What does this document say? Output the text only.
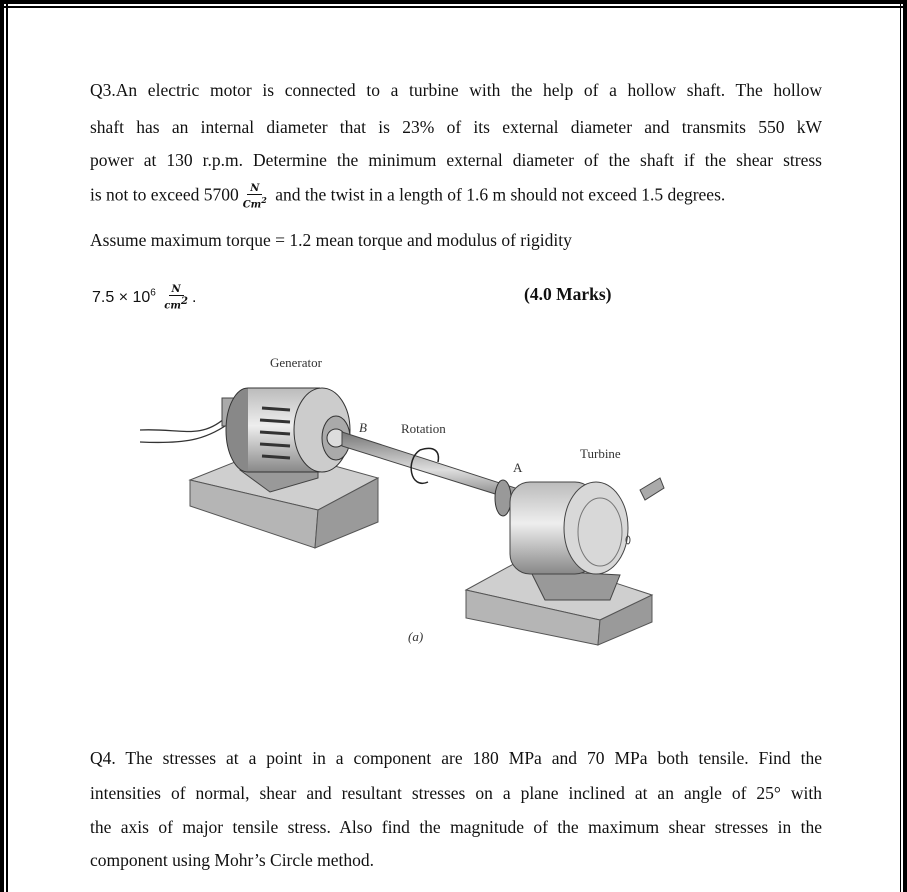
Q3.An electric motor is connected to a turbine with the help of a hollow shaft. The hollow
shaft has an internal diameter that is 23% of its external diameter and transmits 550 kW
power at 130 r.p.m. Determine the minimum external diameter of the shaft if the shear stress
is not to exceed $5700 \frac{N}{Cm^2}$ and the twist in a length of 1.6 m should not exceed 1.5 degrees.
Assume maximum torque = 1.2 mean torque and modulus of rigidity
$7.5 \times 10^6 \frac{N}{cm^2}$ .	(4.0 Marks)
Generator
Rotation
Turbine
A
B
(a)
Q4. The stresses at a point in a component are 180 MPa and 70 MPa both tensile. Find the
intensities of normal, shear and resultant stresses on a plane inclined at an angle of 25° with
the axis of major tensile stress. Also find the magnitude of the maximum shear stresses in the
component using Mohr’s Circle method.
